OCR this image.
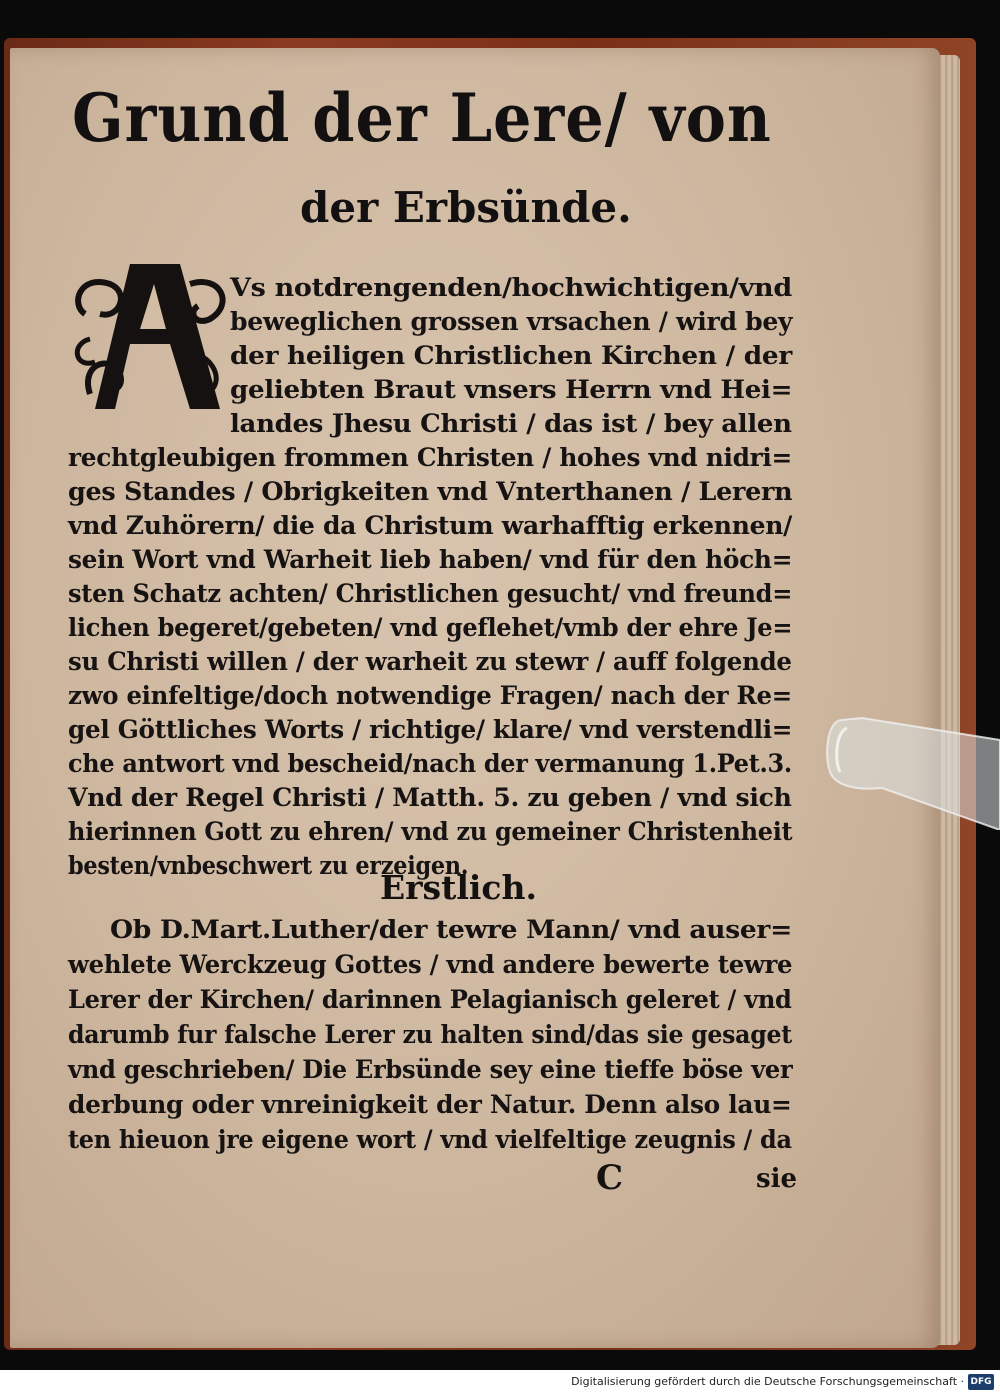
Grund der Lere/ von
der Erbsünde.
Erstlich.
C	sie
Vs notdrengenden/hochwichtigen/vnd
beweglichen grossen vrsachen / wird bey
der heiligen Christlichen Kirchen / der
geliebten Braut vnsers Herrn vnd Hei=
landes Jhesu Christi / das ist / bey allen
rechtgleubigen frommen Christen / hohes vnd nidri=
ges Standes / Obrigkeiten vnd Vnterthanen / Lerern
vnd Zuhörern/ die da Christum warhafftig erkennen/
sein Wort vnd Warheit lieb haben/ vnd für den höch=
sten Schatz achten/ Christlichen gesucht/ vnd freund=
lichen begeret/gebeten/ vnd geflehet/vmb der ehre Je=
su Christi willen / der warheit zu stewr / auff folgende
zwo einfeltige/doch notwendige Fragen/ nach der Re=
gel Göttliches Worts / richtige/ klare/ vnd verstendli=
che antwort vnd bescheid/nach der vermanung 1.Pet.3.
Vnd der Regel Christi / Matth. 5. zu geben / vnd sich
hierinnen Gott zu ehren/ vnd zu gemeiner Christenheit
besten/vnbeschwert zu erzeigen.
Ob D.Mart.Luther/der tewre Mann/ vnd auser=
wehlete Werckzeug Gottes / vnd andere bewerte tewre
Lerer der Kirchen/ darinnen Pelagianisch geleret / vnd
darumb fur falsche Lerer zu halten sind/das sie gesaget
vnd geschrieben/ Die Erbsünde sey eine tieffe böse ver
derbung oder vnreinigkeit der Natur. Denn also lau=
ten hieuon jre eigene wort / vnd vielfeltige zeugnis / da
Digitalisierung gefördert durch die Deutsche Forschungsgemeinschaft · DFG
